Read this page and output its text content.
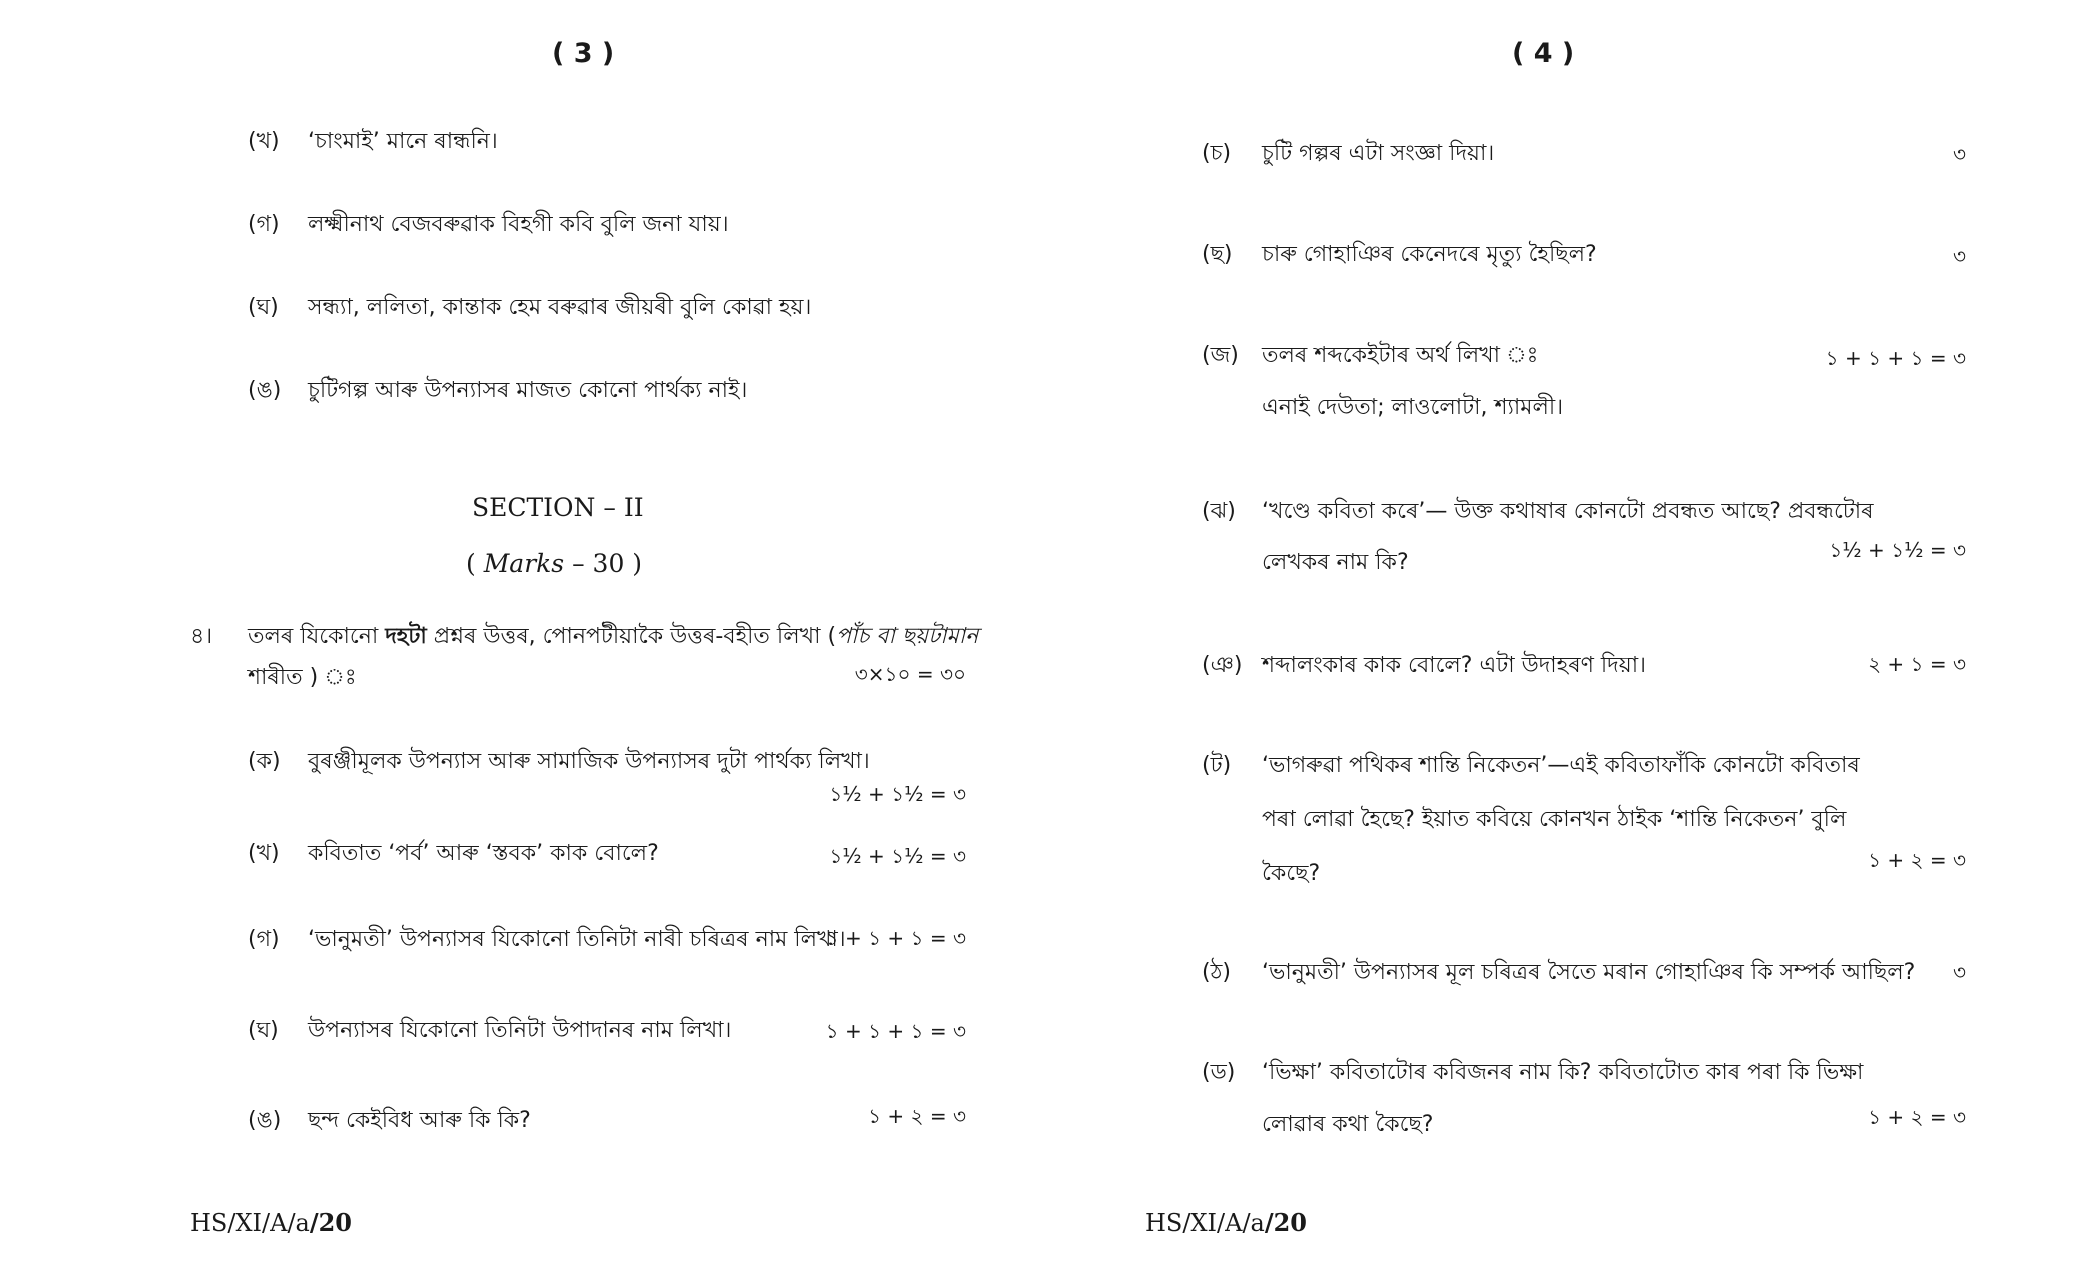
( 3 )
(খ) ‘চাংমাই’ মানে ৰান্ধনি।
(গ) লক্ষ্মীনাথ বেজবৰুৱাক বিহগী কবি বুলি জনা যায়।
(ঘ) সন্ধ্যা, ললিতা, কান্তাক হেম বৰুৱাৰ জীয়ৰী বুলি কোৱা হয়।
(ঙ) চুটিগল্প আৰু উপন্যাসৰ মাজত কোনো পাৰ্থক্য নাই।
SECTION – II
( Marks – 30 )
৪। তলৰ যিকোনো দহটা প্ৰশ্নৰ উত্তৰ, পোনপটীয়াকৈ উত্তৰ-বহীত লিখা (পাঁচ বা ছয়টামান
শাৰীত ) ঃ	৩×১০ = ৩০
(ক) বুৰঞ্জীমূলক উপন্যাস আৰু সামাজিক উপন্যাসৰ দুটা পাৰ্থক্য লিখা।
১½ + ১½ = ৩
(খ) কবিতাত ‘পৰ্ব’ আৰু ‘স্তবক’ কাক বোলে?	১½ + ১½ = ৩
(গ) ‘ভানুমতী’ উপন্যাসৰ যিকোনো তিনিটা নাৰী চৰিত্ৰৰ নাম লিখা।
১ + ১ + ১ = ৩
(ঘ) উপন্যাসৰ যিকোনো তিনিটা উপাদানৰ নাম লিখা।	১ + ১ + ১ = ৩
(ঙ) ছন্দ কেইবিধ আৰু কি কি?	১ + ২ = ৩
HS/XI/A/a/20
( 4 )
(চ) চুটি গল্পৰ এটা সংজ্ঞা দিয়া।	৩
(ছ) চাৰু গোহাঞিৰ কেনেদৰে মৃত্যু হৈছিল?	৩
(জ) তলৰ শব্দকেইটাৰ অৰ্থ লিখা ঃ
এনাই দেউতা; লাওলোটা, শ্যামলী।
১ + ১ + ১ = ৩
(ঝ) ‘খণ্ডে কবিতা কৰে’— উক্ত কথাষাৰ কোনটো প্ৰবন্ধত আছে? প্ৰবন্ধটোৰ
লেখকৰ নাম কি?	১½ + ১½ = ৩
(ঞ) শব্দালংকাৰ কাক বোলে? এটা উদাহৰণ দিয়া।	২ + ১ = ৩
(ট) ‘ভাগৰুৱা পথিকৰ শান্তি নিকেতন’—এই কবিতাফাঁকি কোনটো কবিতাৰ
পৰা লোৱা হৈছে? ইয়াত কবিয়ে কোনখন ঠাইক ‘শান্তি নিকেতন’ বুলি
কৈছে?
১ + ২ = ৩
(ঠ) ‘ভানুমতী’ উপন্যাসৰ মূল চৰিত্ৰৰ সৈতে মৰান গোহাঞিৰ কি সম্পৰ্ক আছিল? ৩
(ড) ‘ভিক্ষা’ কবিতাটোৰ কবিজনৰ নাম কি? কবিতাটোত কাৰ পৰা কি ভিক্ষা
লোৱাৰ কথা কৈছে?	১ + ২ = ৩
HS/XI/A/a/20
